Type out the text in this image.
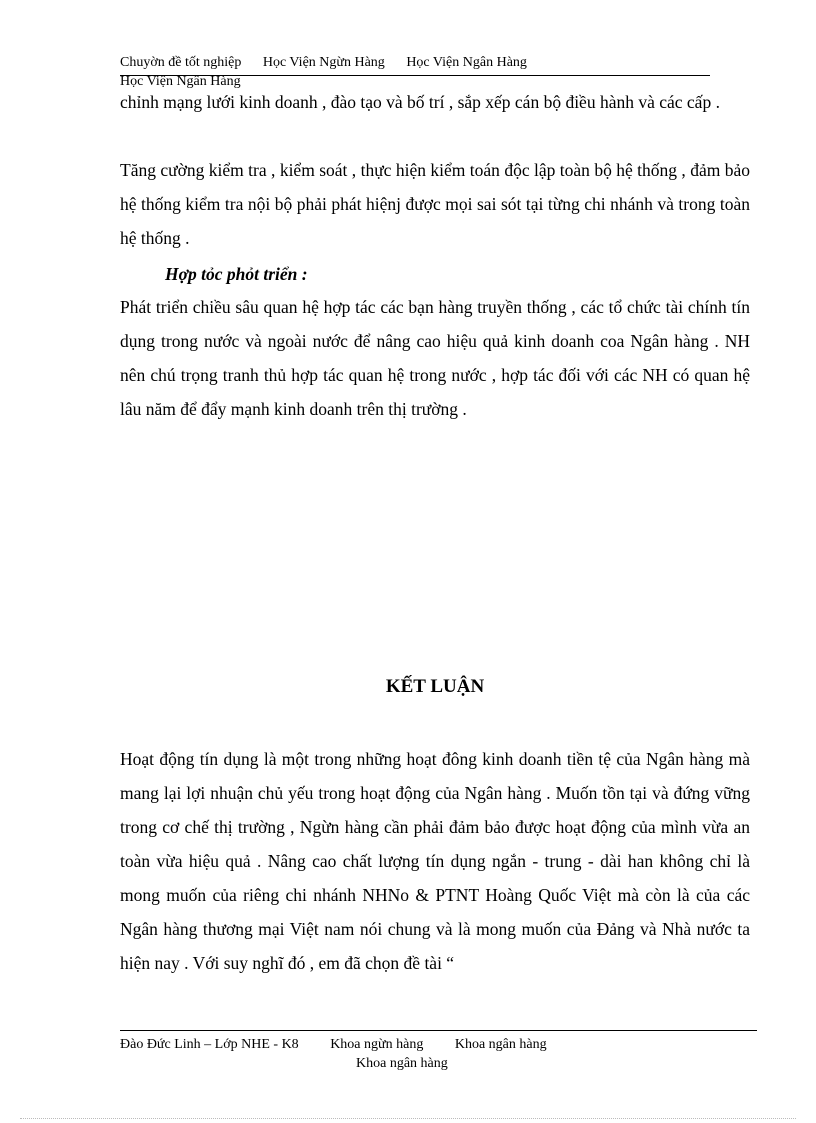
Chuyờn đề tốt nghiệp Học Viện Ngừn Hàng Học Viện Ngân Hàng
Học Viện Ngân Hàng

chỉnh mạng lưới kinh doanh , đào tạo và bố trí , sắp xếp cán bộ điều hành và các cấp .

Tăng cường kiểm tra , kiểm soát , thực hiện kiểm toán độc lập toàn bộ hệ thống , đảm bảo hệ thống kiểm tra nội bộ phải phát hiệnj được mọi sai sót tại từng chi nhánh và trong toàn hệ thống .

Hợp tỏc phỏt triển :

Phát triển chiều sâu quan hệ hợp tác các bạn hàng truyền thống , các tổ chức tài chính tín dụng trong nước và ngoài nước để nâng cao hiệu quả kinh doanh coa Ngân hàng . NH nên chú trọng tranh thủ hợp tác quan hệ trong nước , hợp tác đối với các NH có quan hệ lâu năm để đẩy mạnh kinh doanh trên thị trường .

KẾT LUẬN

Hoạt động tín dụng là một trong những hoạt đông kinh doanh tiền tệ của Ngân hàng mà mang lại lợi nhuận chủ yếu trong hoạt động của Ngân hàng . Muốn tồn tại và đứng vững trong cơ chế thị trường , Ngừn hàng cần phải đảm bảo được hoạt động của mình vừa an toàn vừa hiệu quả . Nâng cao chất lượng tín dụng ngắn - trung - dài han không chỉ là mong muốn của riêng chi nhánh NHNo & PTNT Hoàng Quốc Việt mà còn là của các Ngân hàng thương mại Việt nam nói chung và là mong muốn của Đảng và Nhà nước ta hiện nay . Với suy nghĩ đó , em đã chọn đề tài “

Đào Đức Linh – Lớp NHE - K8 Khoa ngừn hàng Khoa ngân hàng
Khoa ngân hàng
